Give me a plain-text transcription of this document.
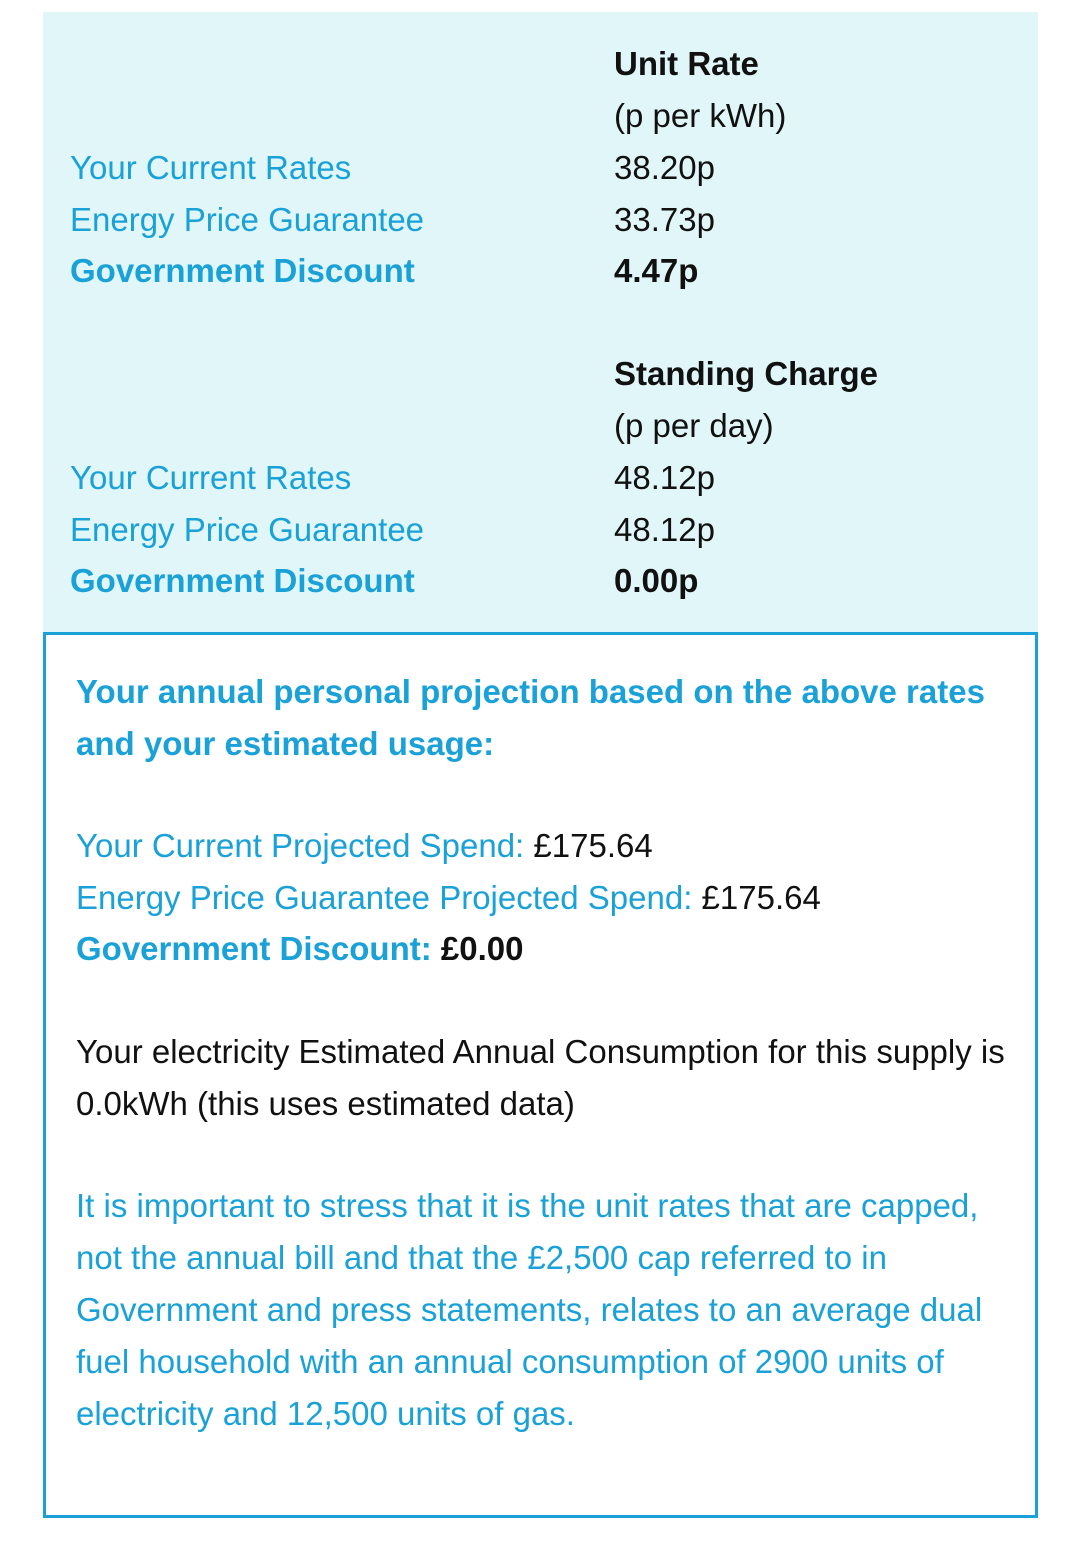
Unit Rate
(p per kWh)
Your Current Rates	38.20p
Energy Price Guarantee	33.73p
Government Discount	4.47p
Standing Charge
(p per day)
Your Current Rates	48.12p
Energy Price Guarantee	48.12p
Government Discount	0.00p
Your annual personal projection based on the above rates and your estimated usage:
Your Current Projected Spend: £175.64
Energy Price Guarantee Projected Spend: £175.64
Government Discount: £0.00
Your electricity Estimated Annual Consumption for this supply is 0.0kWh (this uses estimated data)
It is important to stress that it is the unit rates that are capped, not the annual bill and that the £2,500 cap referred to in Government and press statements, relates to an average dual fuel household with an annual consumption of 2900 units of electricity and 12,500 units of gas.
